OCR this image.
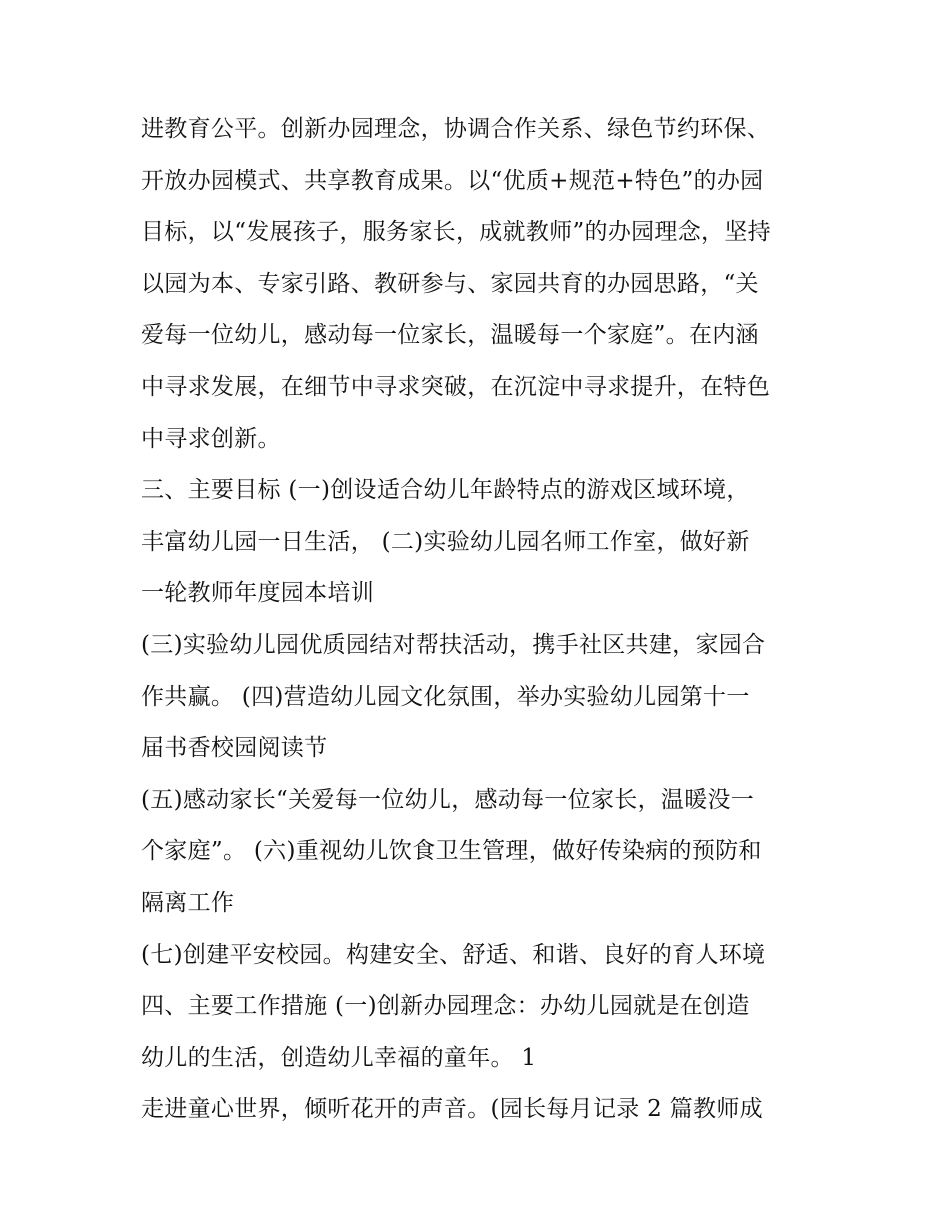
进教育公平。创新办园理念，协调合作关系、绿色节约环保、
开放办园模式、共享教育成果。以“优质+规范+特色”的办园
目标，以“发展孩子，服务家长，成就教师”的办园理念，坚持
以园为本、专家引路、教研参与、家园共育的办园思路，“关
爱每一位幼儿，感动每一位家长，温暖每一个家庭”。在内涵
中寻求发展，在细节中寻求突破，在沉淀中寻求提升，在特色
中寻求创新。
三、主要目标 (一)创设适合幼儿年龄特点的游戏区域环境，
丰富幼儿园一日生活， (二)实验幼儿园名师工作室，做好新
一轮教师年度园本培训
(三)实验幼儿园优质园结对帮扶活动，携手社区共建，家园合
作共赢。 (四)营造幼儿园文化氛围，举办实验幼儿园第十一
届书香校园阅读节
(五)感动家长“关爱每一位幼儿，感动每一位家长，温暖没一
个家庭”。 (六)重视幼儿饮食卫生管理，做好传染病的预防和
隔离工作
(七)创建平安校园。构建安全、舒适、和谐、良好的育人环境
四、主要工作措施 (一)创新办园理念：办幼儿园就是在创造
幼儿的生活，创造幼儿幸福的童年。 1
走进童心世界，倾听花开的声音。(园长每月记录 2 篇教师成
